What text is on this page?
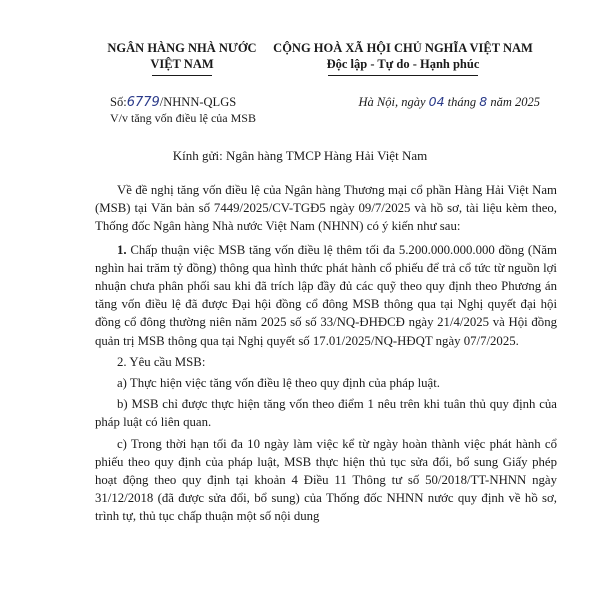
NGÂN HÀNG NHÀ NƯỚC
VIỆT NAM
Số:6779/NHNN-QLGS
V/v tăng vốn điều lệ của MSB
CỘNG HOÀ XÃ HỘI CHỦ NGHĨA VIỆT NAM
Độc lập - Tự do - Hạnh phúc
Hà Nội, ngày 04 tháng 8 năm 2025
Kính gửi: Ngân hàng TMCP Hàng Hải Việt Nam

Về đề nghị tăng vốn điều lệ của Ngân hàng Thương mại cổ phần Hàng Hải Việt Nam (MSB) tại Văn bản số 7449/2025/CV-TGĐ5 ngày 09/7/2025 và hồ sơ, tài liệu kèm theo, Thống đốc Ngân hàng Nhà nước Việt Nam (NHNN) có ý kiến như sau:

1. Chấp thuận việc MSB tăng vốn điều lệ thêm tối đa 5.200.000.000.000 đồng (Năm nghìn hai trăm tỷ đồng) thông qua hình thức phát hành cổ phiếu để trả cổ tức từ nguồn lợi nhuận chưa phân phối sau khi đã trích lập đầy đủ các quỹ theo quy định theo Phương án tăng vốn điều lệ đã được Đại hội đồng cổ đông MSB thông qua tại Nghị quyết đại hội đồng cổ đông thường niên năm 2025 số số 33/NQ-ĐHĐCĐ ngày 21/4/2025 và Hội đồng quản trị MSB thông qua tại Nghị quyết số 17.01/2025/NQ-HĐQT ngày 07/7/2025.

2. Yêu cầu MSB:

a) Thực hiện việc tăng vốn điều lệ theo quy định của pháp luật.

b) MSB chỉ được thực hiện tăng vốn theo điểm 1 nêu trên khi tuân thủ quy định của pháp luật có liên quan.

c) Trong thời hạn tối đa 10 ngày làm việc kể từ ngày hoàn thành việc phát hành cổ phiếu theo quy định của pháp luật, MSB thực hiện thủ tục sửa đổi, bổ sung Giấy phép hoạt động theo quy định tại khoản 4 Điều 11 Thông tư số 50/2018/TT-NHNN ngày 31/12/2018 (đã được sửa đổi, bổ sung) của Thống đốc NHNN nước quy định về hồ sơ, trình tự, thủ tục chấp thuận một số nội dung
